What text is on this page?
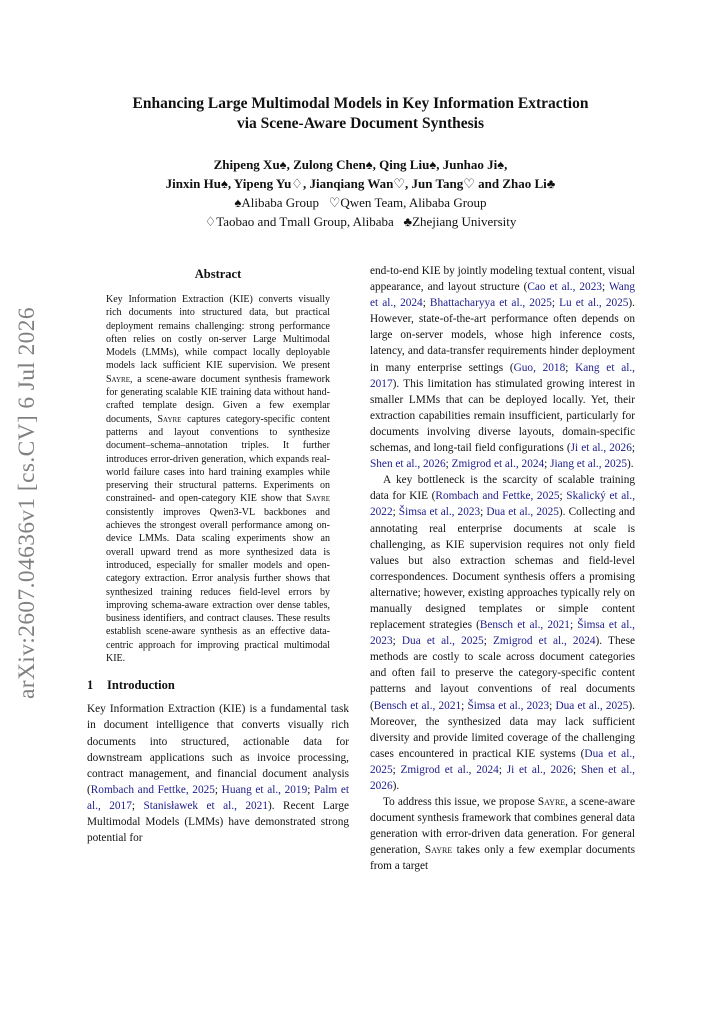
arXiv:2607.04636v1 [cs.CV] 6 Jul 2026
Enhancing Large Multimodal Models in Key Information Extraction
via Scene-Aware Document Synthesis
Zhipeng Xu♠, Zulong Chen♠, Qing Liu♠, Junhao Ji♠,
Jinxin Hu♠, Yipeng Yu♢, Jianqiang Wan♡, Jun Tang♡ and Zhao Li♣
♠Alibaba Group   ♡Qwen Team, Alibaba Group
♢Taobao and Tmall Group, Alibaba   ♣Zhejiang University
Abstract

Key Information Extraction (KIE) converts visually rich documents into structured data, but practical deployment remains challenging: strong performance often relies on costly on-server Large Multimodal Models (LMMs), while compact locally deployable models lack sufficient KIE supervision. We present Sayre, a scene-aware document synthesis framework for generating scalable KIE training data without hand-crafted template design. Given a few exemplar documents, Sayre captures category-specific content patterns and layout conventions to synthesize document–schema–annotation triples. It further introduces error-driven generation, which expands real-world failure cases into hard training examples while preserving their structural patterns. Experiments on constrained- and open-category KIE show that Sayre consistently improves Qwen3-VL backbones and achieves the strongest overall performance among on-device LMMs. Data scaling experiments show an overall upward trend as more synthesized data is introduced, especially for smaller models and open-category extraction. Error analysis further shows that synthesized training reduces field-level errors by improving schema-aware extraction over dense tables, business identifiers, and contract clauses. These results establish scene-aware synthesis as an effective data-centric approach for improving practical multimodal KIE.

1 Introduction

Key Information Extraction (KIE) is a fundamental task in document intelligence that converts visually rich documents into structured, actionable data for downstream applications such as invoice processing, contract management, and financial document analysis (Rombach and Fettke, 2025; Huang et al., 2019; Palm et al., 2017; Stanisławek et al., 2021). Recent Large Multimodal Models (LMMs) have demonstrated strong potential for

end-to-end KIE by jointly modeling textual content, visual appearance, and layout structure (Cao et al., 2023; Wang et al., 2024; Bhattacharyya et al., 2025; Lu et al., 2025). However, state-of-the-art performance often depends on large on-server models, whose high inference costs, latency, and data-transfer requirements hinder deployment in many enterprise settings (Guo, 2018; Kang et al., 2017). This limitation has stimulated growing interest in smaller LMMs that can be deployed locally. Yet, their extraction capabilities remain insufficient, particularly for documents involving diverse layouts, domain-specific schemas, and long-tail field configurations (Ji et al., 2026; Shen et al., 2026; Zmigrod et al., 2024; Jiang et al., 2025).

A key bottleneck is the scarcity of scalable training data for KIE (Rombach and Fettke, 2025; Skalický et al., 2022; Šimsa et al., 2023; Dua et al., 2025). Collecting and annotating real enterprise documents at scale is challenging, as KIE supervision requires not only field values but also extraction schemas and field-level correspondences. Document synthesis offers a promising alternative; however, existing approaches typically rely on manually designed templates or simple content replacement strategies (Bensch et al., 2021; Šimsa et al., 2023; Dua et al., 2025; Zmigrod et al., 2024). These methods are costly to scale across document categories and often fail to preserve the category-specific content patterns and layout conventions of real documents (Bensch et al., 2021; Šimsa et al., 2023; Dua et al., 2025). Moreover, the synthesized data may lack sufficient diversity and provide limited coverage of the challenging cases encountered in practical KIE systems (Dua et al., 2025; Zmigrod et al., 2024; Ji et al., 2026; Shen et al., 2026).

To address this issue, we propose Sayre, a scene-aware document synthesis framework that combines general data generation with error-driven data generation. For general generation, Sayre takes only a few exemplar documents from a target
